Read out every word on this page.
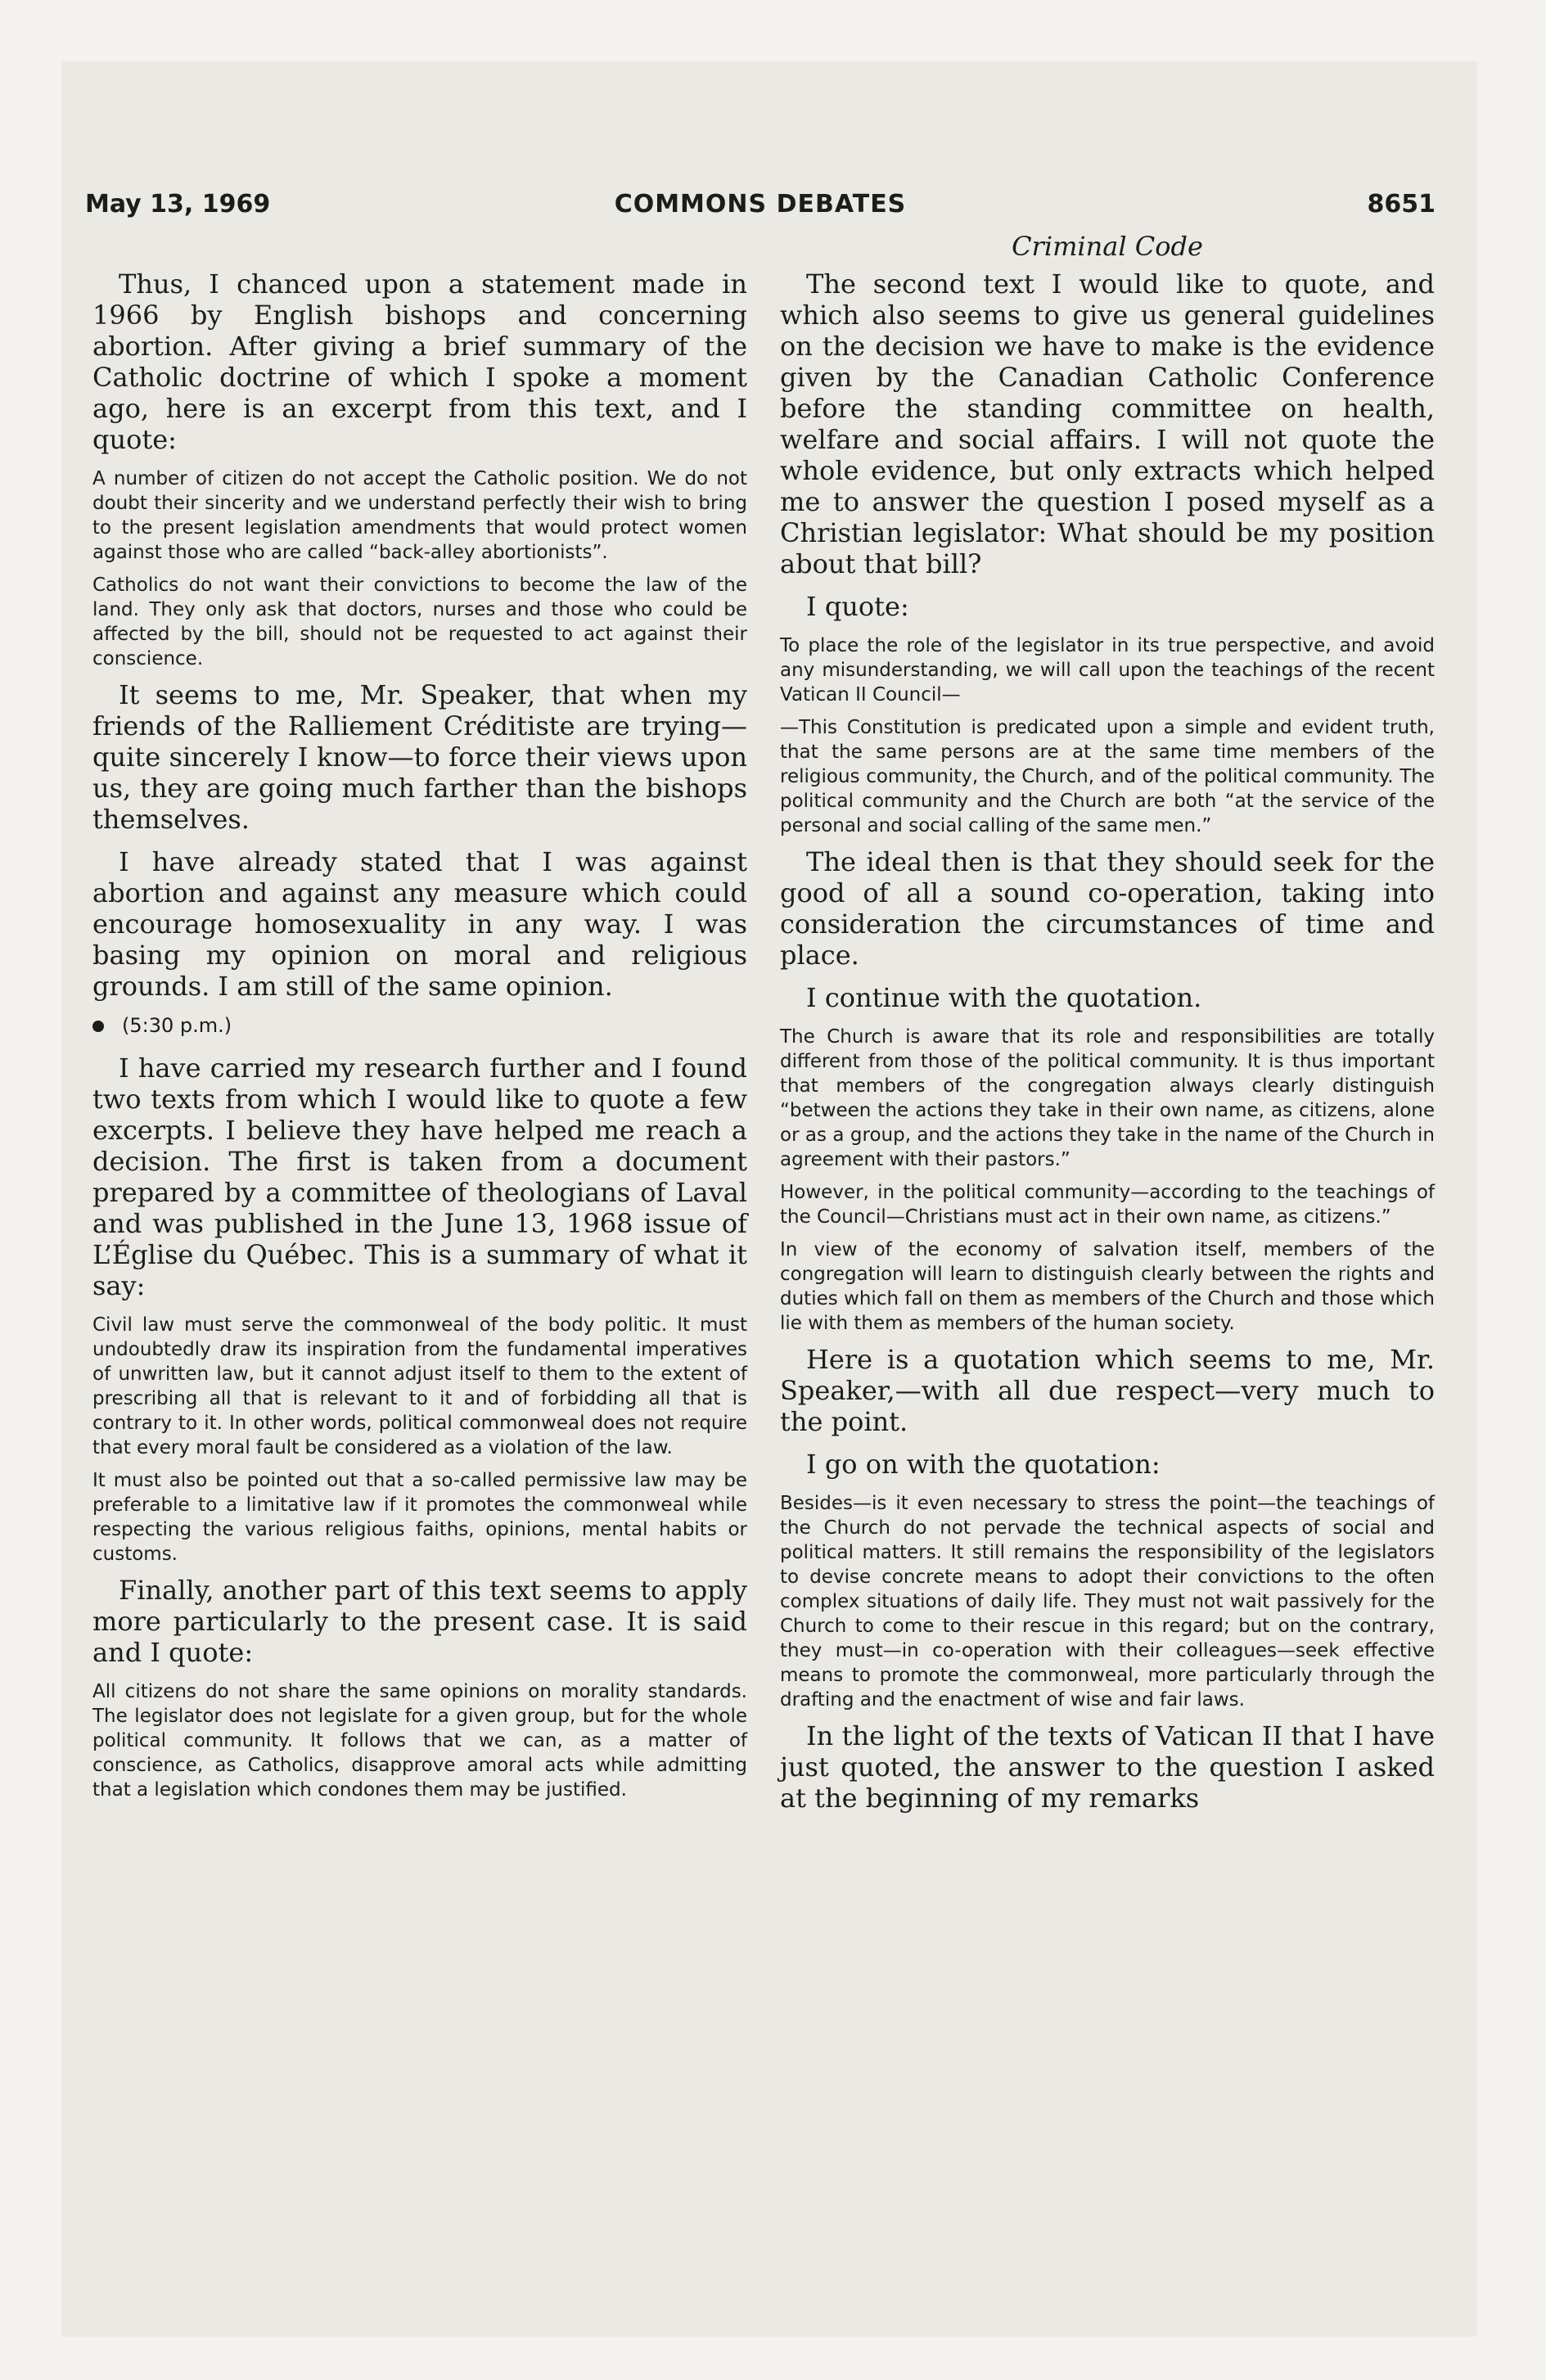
May 13, 1969	COMMONS DEBATES	8651
Criminal Code

Thus, I chanced upon a statement made in 1966 by English bishops and concerning abortion. After giving a brief summary of the Catholic doctrine of which I spoke a moment ago, here is an excerpt from this text, and I quote:

A number of citizen do not accept the Catholic position. We do not doubt their sincerity and we understand perfectly their wish to bring to the present legislation amendments that would protect women against those who are called “back-alley abortionists”.

Catholics do not want their convictions to become the law of the land. They only ask that doctors, nurses and those who could be affected by the bill, should not be requested to act against their conscience.

It seems to me, Mr. Speaker, that when my friends of the Ralliement Créditiste are trying—quite sincerely I know—to force their views upon us, they are going much farther than the bishops themselves.

I have already stated that I was against abortion and against any measure which could encourage homosexuality in any way. I was basing my opinion on moral and religious grounds. I am still of the same opinion.

(5:30 p.m.)

I have carried my research further and I found two texts from which I would like to quote a few excerpts. I believe they have helped me reach a decision. The first is taken from a document prepared by a committee of theologians of Laval and was published in the June 13, 1968 issue of L’Église du Québec. This is a summary of what it say:

Civil law must serve the commonweal of the body politic. It must undoubtedly draw its inspiration from the fundamental imperatives of unwritten law, but it cannot adjust itself to them to the extent of prescribing all that is relevant to it and of forbidding all that is contrary to it. In other words, political commonweal does not require that every moral fault be considered as a violation of the law.

It must also be pointed out that a so-called permissive law may be preferable to a limitative law if it promotes the commonweal while respecting the various religious faiths, opinions, mental habits or customs.

Finally, another part of this text seems to apply more particularly to the present case. It is said and I quote:

All citizens do not share the same opinions on morality standards. The legislator does not legislate for a given group, but for the whole political community. It follows that we can, as a matter of conscience, as Catholics, disapprove amoral acts while admitting that a legislation which condones them may be justified.

The second text I would like to quote, and which also seems to give us general guidelines on the decision we have to make is the evidence given by the Canadian Catholic Conference before the standing committee on health, welfare and social affairs. I will not quote the whole evidence, but only extracts which helped me to answer the question I posed myself as a Christian legislator: What should be my position about that bill?

I quote:

To place the role of the legislator in its true perspective, and avoid any misunderstanding, we will call upon the teachings of the recent Vatican II Council—

—This Constitution is predicated upon a simple and evident truth, that the same persons are at the same time members of the religious community, the Church, and of the political community. The political community and the Church are both “at the service of the personal and social calling of the same men.”

The ideal then is that they should seek for the good of all a sound co-operation, taking into consideration the circumstances of time and place.

I continue with the quotation.

The Church is aware that its role and responsibilities are totally different from those of the political community. It is thus important that members of the congregation always clearly distinguish “between the actions they take in their own name, as citizens, alone or as a group, and the actions they take in the name of the Church in agreement with their pastors.”

However, in the political community—according to the teachings of the Council—Christians must act in their own name, as citizens.”

In view of the economy of salvation itself, members of the congregation will learn to distinguish clearly between the rights and duties which fall on them as members of the Church and those which lie with them as members of the human society.

Here is a quotation which seems to me, Mr. Speaker,—with all due respect—very much to the point.

I go on with the quotation:

Besides—is it even necessary to stress the point—the teachings of the Church do not pervade the technical aspects of social and political matters. It still remains the responsibility of the legislators to devise concrete means to adopt their convictions to the often complex situations of daily life. They must not wait passively for the Church to come to their rescue in this regard; but on the contrary, they must—in co-operation with their colleagues—seek effective means to promote the commonweal, more particularly through the drafting and the enactment of wise and fair laws.

In the light of the texts of Vatican II that I have just quoted, the answer to the question I asked at the beginning of my remarks
